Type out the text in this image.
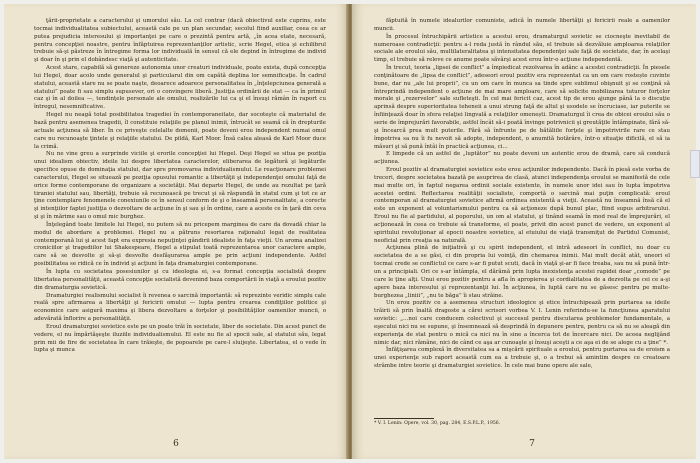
ţării-proprietate a caracterului şi umorului său. La cel contrar (dacă obiectivul este cuprins, este tocmai individualitatea subiectului, această cale pe un plan secundar, secolul fiind auxiliar, ceea ce ar putea prejudicia interesului şi importanţei pe care o prezintă pentru artă, „în acea etate, necesară, pentru concepţiei noastre, pentru înfăptuirea reprezentanţilor artistic, scrie Hegel, etica şi echilibrul trebuie să-şi păstreze în întregime forma lor individuală în sensul că ele depind în întregime de individ şi doar în şi prin el dobândesc viaţă şi autenticitate.

Acest stare, capabilă să genereze autonomia unor creaturi individuale, poate exista, după concepţia lui Hegel, doar acolo unde generalul şi particularul din om capătă deplina lor semnificaţie. În cadrul statului, această stare nu se poate naşte, deoarece adoarece personalitatea în „înţelepciunea generală a statului” poate fi sau simplu supusever, ori o convingere liberă. Justiţia ordinării de stat — ca în primul caz şi în al doilea —, tendinţele personale ale omului, realizările lui ca şi el însuşi rămân în raport cu întregul, nesemnificative.

Hegel nu neagă total posibilitatea tragediei în contemporaneitate, dar socoteşte că materialul de bază pentru asemenea tragedii, îl constituie relaţiile pe planul inimii, întrucât se seamă că în drepturile actuale acţiunea să liber. În ce priveşte celelalte domenii, poate deveni erou independent numai omul care nu recunoaşte ţintele şi relaţiile statului. De pildă, Karl Moor. Însă calea aleasă de Karl Moor duce la crimă.

Nu ne vine greu a surprinde viciile şi erorile concepţiei lui Hegel. Deşi Hegel se situa pe poziţia unui idealism obiectiv, ideile lui despre libertatea caracterelor, eliberarea de legătură şi legăturile specifice opuse de dominaţia statului, dar spre promovarea individualismului. Le reacţionare problemei caracterului, Hegel se situează pe poziţia opusului romantic a libertăţii şi independenţei omului faţă de orice forme contemporane de organizare a societăţii. Mai departe Hegel, de unde au rezultat pe ţară tiraniei statului sau, libertăţi, trebuie să recunoască pe trecut şi să răspundă în statul cum şi tot ce ar ţine contemplare fenomenele conexiunile ce în sensul conform de şi o înseamnă personalitate, a corecte şi intenţiilor faptei justiţia o dezvoltare de acţiune în şi sau şi în ordine, care a aceste ce în ţară din ceva şi şi în mărime sau o omul mic burghez.

Înţelegând toate limitele lui Hegel, nu putem să nu pricepem marginea de care da dovadă chiar la modul de abordare a problemei. Hegel nu a pătruns resortarea raţionalul legat de realitatea contemporană lui şi acest fapt era expresia nepuţinţei gândirii idealiste în faţa vieţii. Un aroma analizei croniciilor şi tragediilor lui Shakespeare, Hegel a stipulat toată reprezentarea unor caractere ample, care să se desvolte şi să-şi desvolte desfăşurarea ample pe prin acţiuni independente. Astfel posibilitatea se ridică ce în individ şi acţiuni în faţa dramaturgiei contemporane.

În lupta cu societatea posesiunilor şi cu ideologia ei, s-a format concepţia socialistă despre libertatea personalităţii, această concepţie socialistă devenind baza comportării în viaţă a eroului pozitiv din dramaturgia sovietică.

Dramaturgiei realismului socialist îi revenea o sarcină importantă: să reprezinte veridic simplu cale reală spre afirmarea a libertăţii şi fericirii omului — lupta pentru crearea condiţiilor politice şi economice care asigură maxima şi libera dezvoltare a forţelor şi posibilităţilor oamenilor muncii, o adevărată înflorire a personalităţii.

Eroul dramaturgiei sovietice este pe un poate trăi în societate, liber de societate. Din acest punct de vedere, el nu împărtăşeşte iluziile individualismului. El este nu fie al spocii sale, al statului său, legat prin mii de fire de societatea în care trăieşte, de popoarele pe care-l sluijeşte. Libertatea, el o vede în lupta şi munca

6

făptuită în numele idealurilor comuniste, adică în numele libertăţii şi fericirii reale a oamenilor muncii.

În procesul întruchipării artistice a acestui erou, dramaturgul sovietic se ciocneşte inevitabil de numeroase contradicţii: pentru a-l reda justă în rândul său, el trebuie să dezvăluie amploarea relaţiilor sociale ale eroului său, multilateralitatea şi intensitatea dependenţei sale faţă de societate, dar, în acelaşi timp, el trebuie să releve ce anume poate săvârşi acest erou într-o acţiune independentă.

În trecut, teoria „lipsei de conflict” a împiedicat rezolvarea în adânc a acestei contradicţii. În piesele conţinătoare de „lipsa de conflict”, adeseori eroul pozitiv era reprezentat ca un om care rostește cuvinte bune, dar nu „ale lui proprii”, cu un om care în munca sa tinde spre sublimul obişnuit şi se conţină să întreprindă independent o acţiune de mai mare amploare, care să solicite mobilizarea tuturor forţelor morale şi „rezervelor” sale sufleteşti. În cel mai fericit caz, acest tip de erou ajunge până la o discuţie aprinsă despre superioritatea teheneii a unui strung faţă de altul şi usodele se încruciase, iar puterile se înfiinţează doar în sfera relaţiei lingvală a relaţiilor omenești. Dramaturgul îi crea de obicei eroului său o serie de împrejurări favorabile, astfel încât să-i poată învinge potrivnicii şi greutăţile întâmpinate, fără să-şi încearcă prea mult puterile. Fără să înfrunte pe de bătăliile forţele şi împotrivirile rare ce stau împotriva sa nu îi fu nevoit să adopte, independent, o anumită hotărâre, într-o situaţie dificilă, el să ia măsuri şi să pună întâi în practică acţiunea, ci...

E limpede că un astfel de „luptător” nu poate deveni un autentic erou de dramă, care să conducă acţiunea.

Eroul pozitiv al dramaturgiei sovietice este erou acţiunilor independente. Dacă în piesă este vorba de treceri, despre societatea bazată pe asuprirea de clasă, atunci independenţa eroului se manifestă de cele mai multe ori, în faptul negarea ordinii sociale existente, în numele unor idei sau în lupta împotriva acestei ordini. Reflectarea realităţii socialiste, comportă o sarcină mai puţin complicată: eroul contemporan al dramaturgiei sovietice afirmă ordinea existentă a vieţii. Această nu înseamnă însă că el este un exponent al voluntarismului pentru ca să acţioneze după bunul plac, fiind supus arbitrarului. Eroul nu fie al partidului, al poporului, un om al statului, şi tinând seamă în mod real de împrejurări, el acţionează în ceea ce trebuie să transforme, el poate, privit din acest punct de vedere, un exponent al spiritului revoluţionar al epocii noastre sovietice, al etuiului de viaţă transmiţut de Partidul Comunist, neoficial prin creaţia sa naturală.

Acţiunea plină de iniţiativă şi cu spirit independent, el intră adeseori în conflict, nu doar cu societatea de a se găsi, ci din propria lui voinţă, din chemarea inimii. Mai mult decât atât, uneori el tocmai crede se conflictul ce care s-ar fi putut scuti, dacă în viaţă şi-ar fi face treaba, sau nu să pună într-un a principiali. Ori ce s-ar întâmpla, el dărâmă prin lupta inexistenţa acestei rapidei doar „comode” pe care le ţine alţi. Unui erou pozitiv pentru a afla în apropierea şi cordialitatea de a dezvolta pe cei ce a-şi apere baza interesului şi reprezentanţii lui. În acţiunea, în luptă care nu se găsesc pentru pe multe-burghezea „liniii”, „nu te băga” îi stau străine.

Un erou pozitiv ce a asemenea structuri ideologice şi etice întruchipează prin purtarea sa ideile trăirii să prin înaltă dragoste a cărei scrisori vorbea V. I. Lenin referindu-se la funcţiunea aparatului sovietic: „...noi care conducem colectivul şi succesul pentru discutarea problemelor fundamentale, a eşecului nici nu se supune, şi însemnează să desprindă în depunere pentru, pentru ca să nu se aleagă din experienţa de stat pentru o mică ca nici nu în sine a încerca tot de încercare nici. De aceea neglijând nimic dar, nici rămâne, nici de când ce aşa ar cunoaşte şi însuşi aceşti a ce aşa ei de se alege cu a ţine” *.

Înfăţişarea complexă în diversitatea sa a mişcării spirituale a eroului, pentru purtarea sa de eroism a unei experienţe sub raport această cum ea a trebuie şi, o a trebui să amintim despre ce creatoare strâmbe intre teorie şi dramaturgiei sovietice. În cele mai bune opere ale sale,

* V. I. Lenin: Opere, vol. 30, pag. 284, E.S.P.L.P., 1956.
7
